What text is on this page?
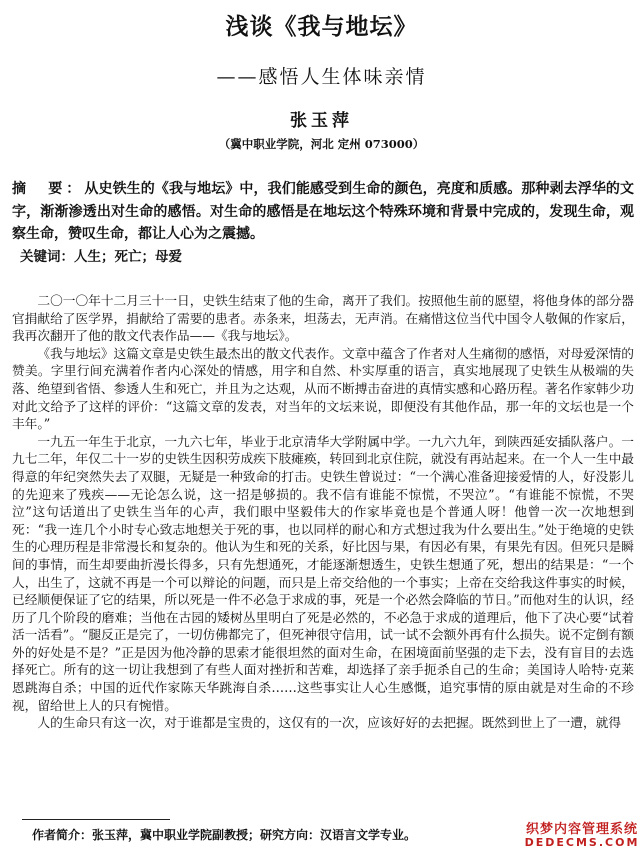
浅谈《我与地坛》
——感悟人生体味亲情
张玉萍
（冀中职业学院，河北 定州 073000）
摘　要：从史铁生的《我与地坛》中，我们能感受到生命的颜色，亮度和质感。那种剥去浮华的文字，渐渐渗透出对生命的感悟。对生命的感悟是在地坛这个特殊环境和背景中完成的，发现生命，观察生命，赞叹生命，都让人心为之震撼。
关键词：人生；死亡；母爱

二〇一〇年十二月三十一日，史铁生结束了他的生命，离开了我们。按照他生前的愿望，将他身体的部分器官捐献给了医学界，捐献给了需要的患者。赤条来，坦荡去，无声消。在痛惜这位当代中国令人敬佩的作家后，我再次翻开了他的散文代表作品——《我与地坛》。

《我与地坛》这篇文章是史铁生最杰出的散文代表作。文章中蕴含了作者对人生痛彻的感悟，对母爱深情的赞美。字里行间充满着作者内心深处的情感，用字和自然、朴实厚重的语言，真实地展现了史铁生从极端的失落、绝望到省悟、参透人生和死亡，并且为之达观，从而不断搏击奋进的真情实感和心路历程。著名作家韩少功对此文给予了这样的评价：“这篇文章的发表，对当年的文坛来说，即便没有其他作品，那一年的文坛也是一个丰年。”

一九五一年生于北京，一九六七年，毕业于北京清华大学附属中学。一九六九年，到陕西延安插队落户。一九七二年，年仅二十一岁的史铁生因积劳成疾下肢瘫痪，转回到北京住院，就没有再站起来。在一个人一生中最得意的年纪突然失去了双腿，无疑是一种致命的打击。史铁生曾说过：“一个满心准备迎接爱情的人，好没影儿的先迎来了残疾——无论怎么说，这一招是够损的。我不信有谁能不惊慌，不哭泣”。“有谁能不惊慌，不哭泣”这句话道出了史铁生当年的心声，我们眼中坚毅伟大的作家毕竟也是个普通人呀！他曾一次一次地想到死：“我一连几个小时专心致志地想关于死的事，也以同样的耐心和方式想过我为什么要出生。”处于绝境的史铁生的心理历程是非常漫长和复杂的。他认为生和死的关系，好比因与果，有因必有果，有果先有因。但死只是瞬间的事情，而生却要曲折漫长得多，只有先想通死，才能逐渐想透生，史铁生想通了死，想出的结果是：“一个人，出生了，这就不再是一个可以辩论的问题，而只是上帝交给他的一个事实；上帝在交给我这件事实的时候，已经顺便保证了它的结果，所以死是一件不必急于求成的事，死是一个必然会降临的节日。”而他对生的认识，经历了几个阶段的磨难；当他在古园的矮树丛里明白了死是必然的，不必急于求成的道理后，他下了决心要“试着活一活看”。“腿反正是完了，一切仿佛都完了，但死神很守信用，试一试不会额外再有什么损失。说不定倒有额外的好处是不是？”正是因为他冷静的思索才能很坦然的面对生命，在困境面前坚强的走下去，没有盲目的去选择死亡。所有的这一切让我想到了有些人面对挫折和苦难，却选择了亲手扼杀自己的生命；美国诗人哈特·克莱恩跳海自杀；中国的近代作家陈天华跳海自杀……这些事实让人心生感慨，追究事情的原由就是对生命的不珍视，留给世上人的只有惋惜。

人的生命只有这一次，对于谁都是宝贵的，这仅有的一次，应该好好的去把握。既然到世上了一遭，就得

作者简介：张玉萍，冀中职业学院副教授；研究方向：汉语言文学专业。	织梦内容管理系统
DEDECMS.COM
